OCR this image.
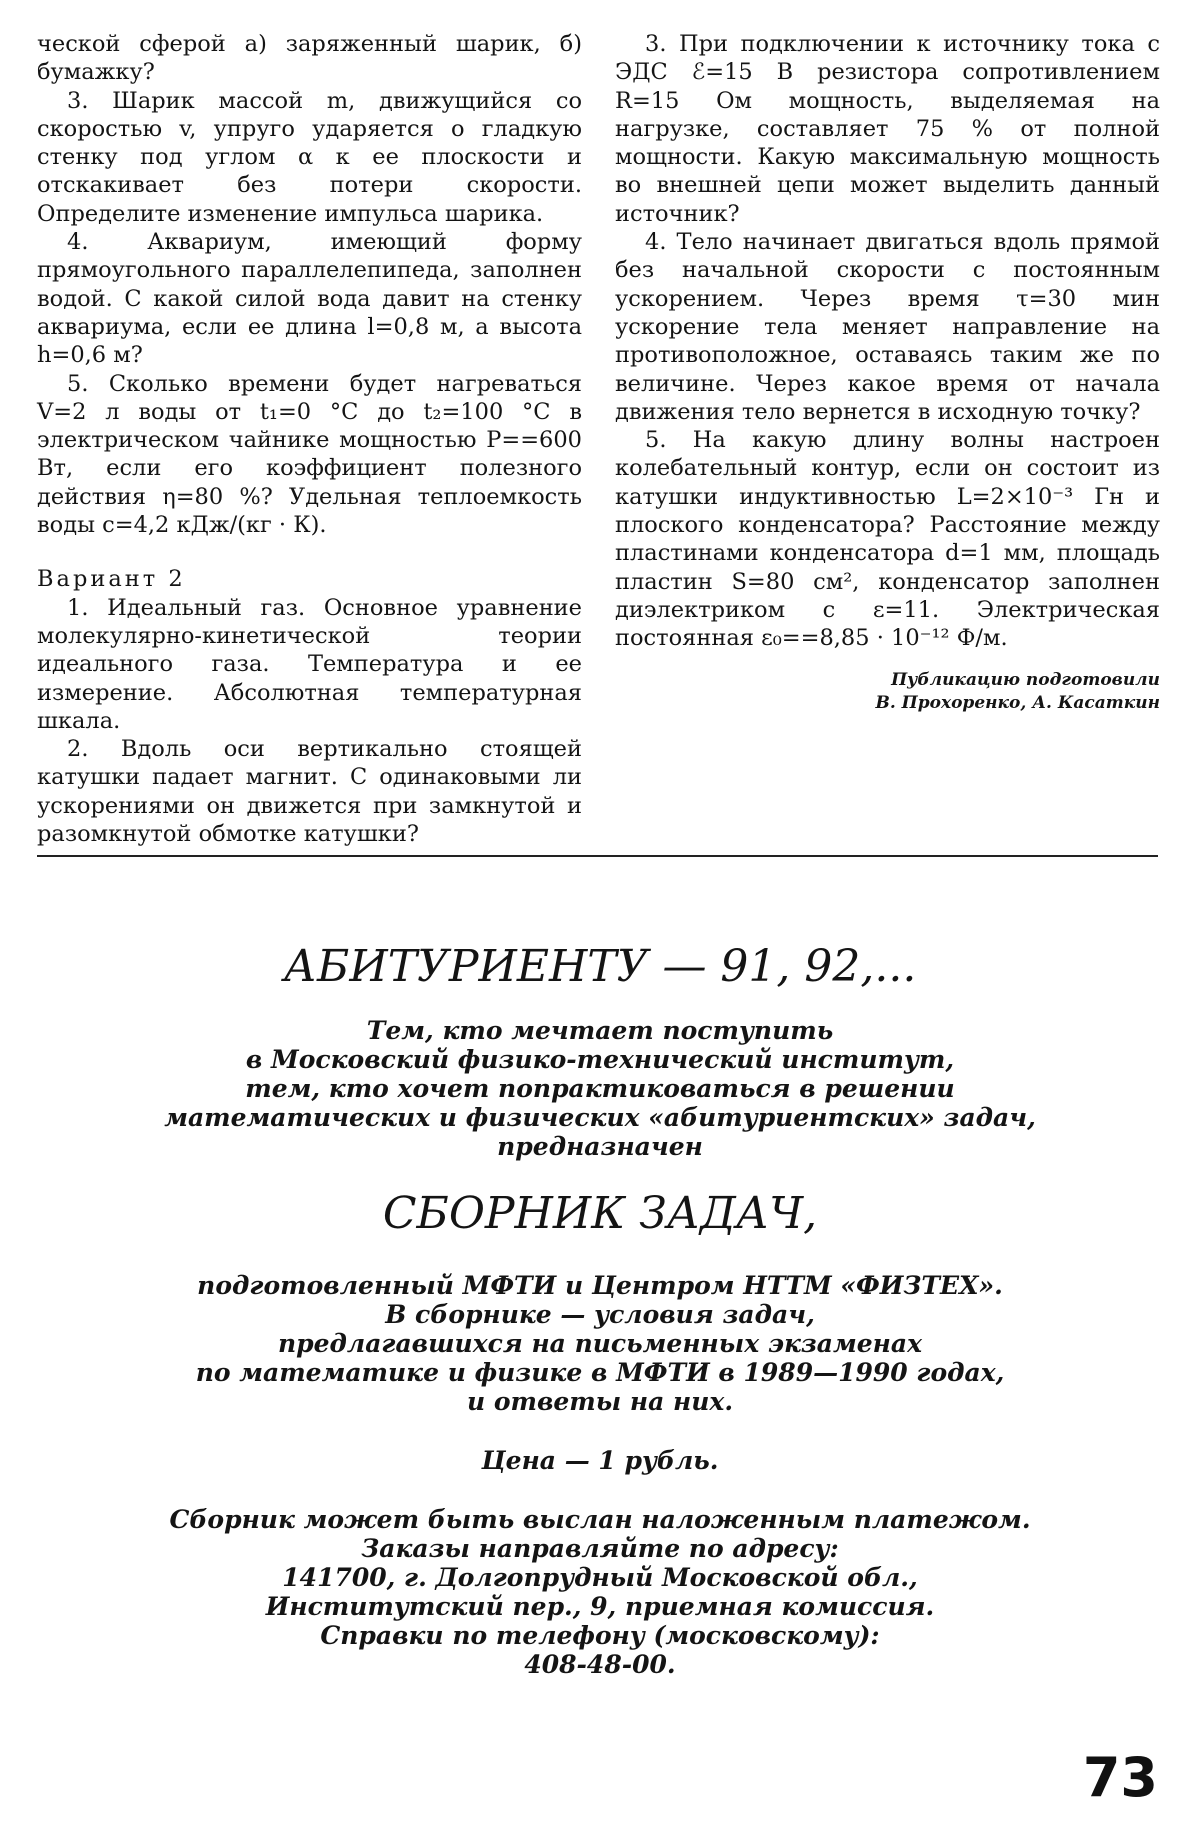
ческой сферой а) заряженный шарик, б) бумажку?

3. Шарик массой m, движущийся со скоростью v, упруго ударяется о гладкую стенку под углом α к ее плоскости и отскакивает без потери скорости. Определите изменение импульса шарика.

4. Аквариум, имеющий форму прямоугольного параллелепипеда, заполнен водой. С какой силой вода давит на стенку аквариума, если ее длина l=0,8 м, а высота h=0,6 м?

5. Сколько времени будет нагреваться V=2 л воды от t₁=0 °C до t₂=100 °C в электрическом чайнике мощностью P==600 Вт, если его коэффициент полезного действия η=80 %? Удельная теплоемкость воды c=4,2 кДж/(кг · К).

Вариант 2

1. Идеальный газ. Основное уравнение молекулярно-кинетической теории идеального газа. Температура и ее измерение. Абсолютная температурная шкала.

2. Вдоль оси вертикально стоящей катушки падает магнит. С одинаковыми ли ускорениями он движется при замкнутой и разомкнутой обмотке катушки?

3. При подключении к источнику тока с ЭДС ℰ=15 В резистора сопротивлением R=15 Ом мощность, выделяемая на нагрузке, составляет 75 % от полной мощности. Какую максимальную мощность во внешней цепи может выделить данный источник?

4. Тело начинает двигаться вдоль прямой без начальной скорости с постоянным ускорением. Через время τ=30 мин ускорение тела меняет направление на противоположное, оставаясь таким же по величине. Через какое время от начала движения тело вернется в исходную точку?

5. На какую длину волны настроен колебательный контур, если он состоит из катушки индуктивностью L=2×10⁻³ Гн и плоского конденсатора? Расстояние между пластинами конденсатора d=1 мм, площадь пластин S=80 см², конденсатор заполнен диэлектриком с ε=11. Электрическая постоянная ε₀==8,85 · 10⁻¹² Ф/м.

Публикацию подготовили
В. Прохоренко, А. Касаткин
АБИТУРИЕНТУ — 91, 92,...
Тем, кто мечтает поступить
в Московский физико-технический институт,
тем, кто хочет попрактиковаться в решении
математических и физических «абитуриентских» задач,
предназначен
СБОРНИК ЗАДАЧ,
подготовленный МФТИ и Центром НТТМ «ФИЗТЕХ».
В сборнике — условия задач,
предлагавшихся на письменных экзаменах
по математике и физике в МФТИ в 1989—1990 годах,
и ответы на них.
Цена — 1 рубль.
Сборник может быть выслан наложенным платежом.
Заказы направляйте по адресу:
141700, г. Долгопрудный Московской обл.,
Институтский пер., 9, приемная комиссия.
Справки по телефону (московскому):
408-48-00.
73
